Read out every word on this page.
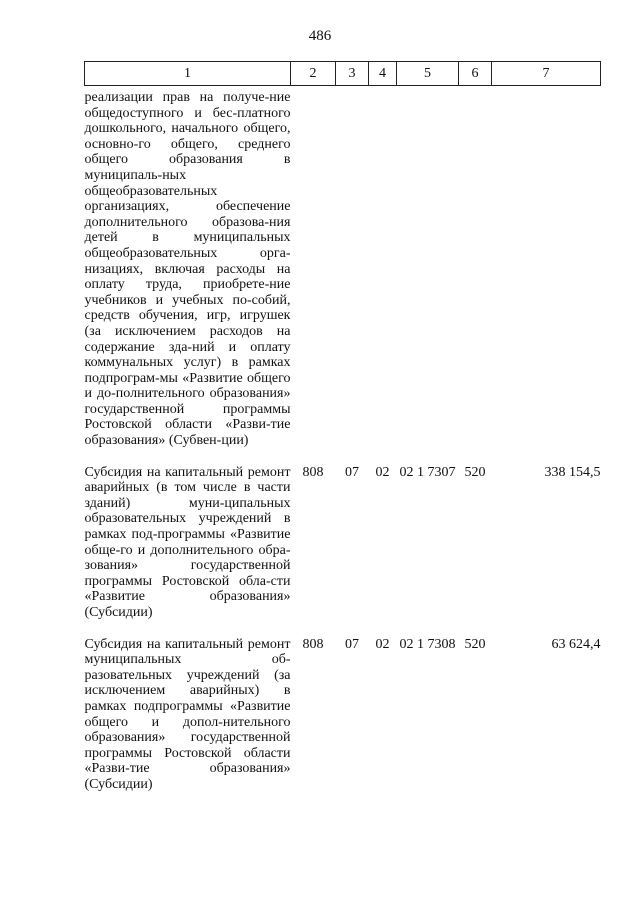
486
1	2	3	4	5	6	7
реализации прав на получе-ние общедоступного и бес-платного дошкольного, начального общего, основно-го общего, среднего общего образования в муниципаль-ных общеобразовательных организациях, обеспечение дополнительного образова-ния детей в муниципальных общеобразовательных орга-низациях, включая расходы на оплату труда, приобрете-ние учебников и учебных по-собий, средств обучения, игр, игрушек (за исключением расходов на содержание зда-ний и оплату коммунальных услуг) в рамках подпрограм-мы «Развитие общего и до-полнительного образования» государственной программы Ростовской области «Разви-тие образования» (Субвен-ции)						

Субсидия на капитальный ремонт аварийных (в том числе в части зданий) муни-ципальных образовательных учреждений в рамках под-программы «Развитие обще-го и дополнительного обра-зования» государственной программы Ростовской обла-сти «Развитие образования» (Субсидии)	808	07	02	02 1 7307	520	338 154,5

Субсидия на капитальный ремонт муниципальных об-разовательных учреждений (за исключением аварийных) в рамках подпрограммы «Развитие общего и допол-нительного образования» государственной программы Ростовской области «Разви-тие образования» (Субсидии)	808	07	02	02 1 7308	520	63 624,4
